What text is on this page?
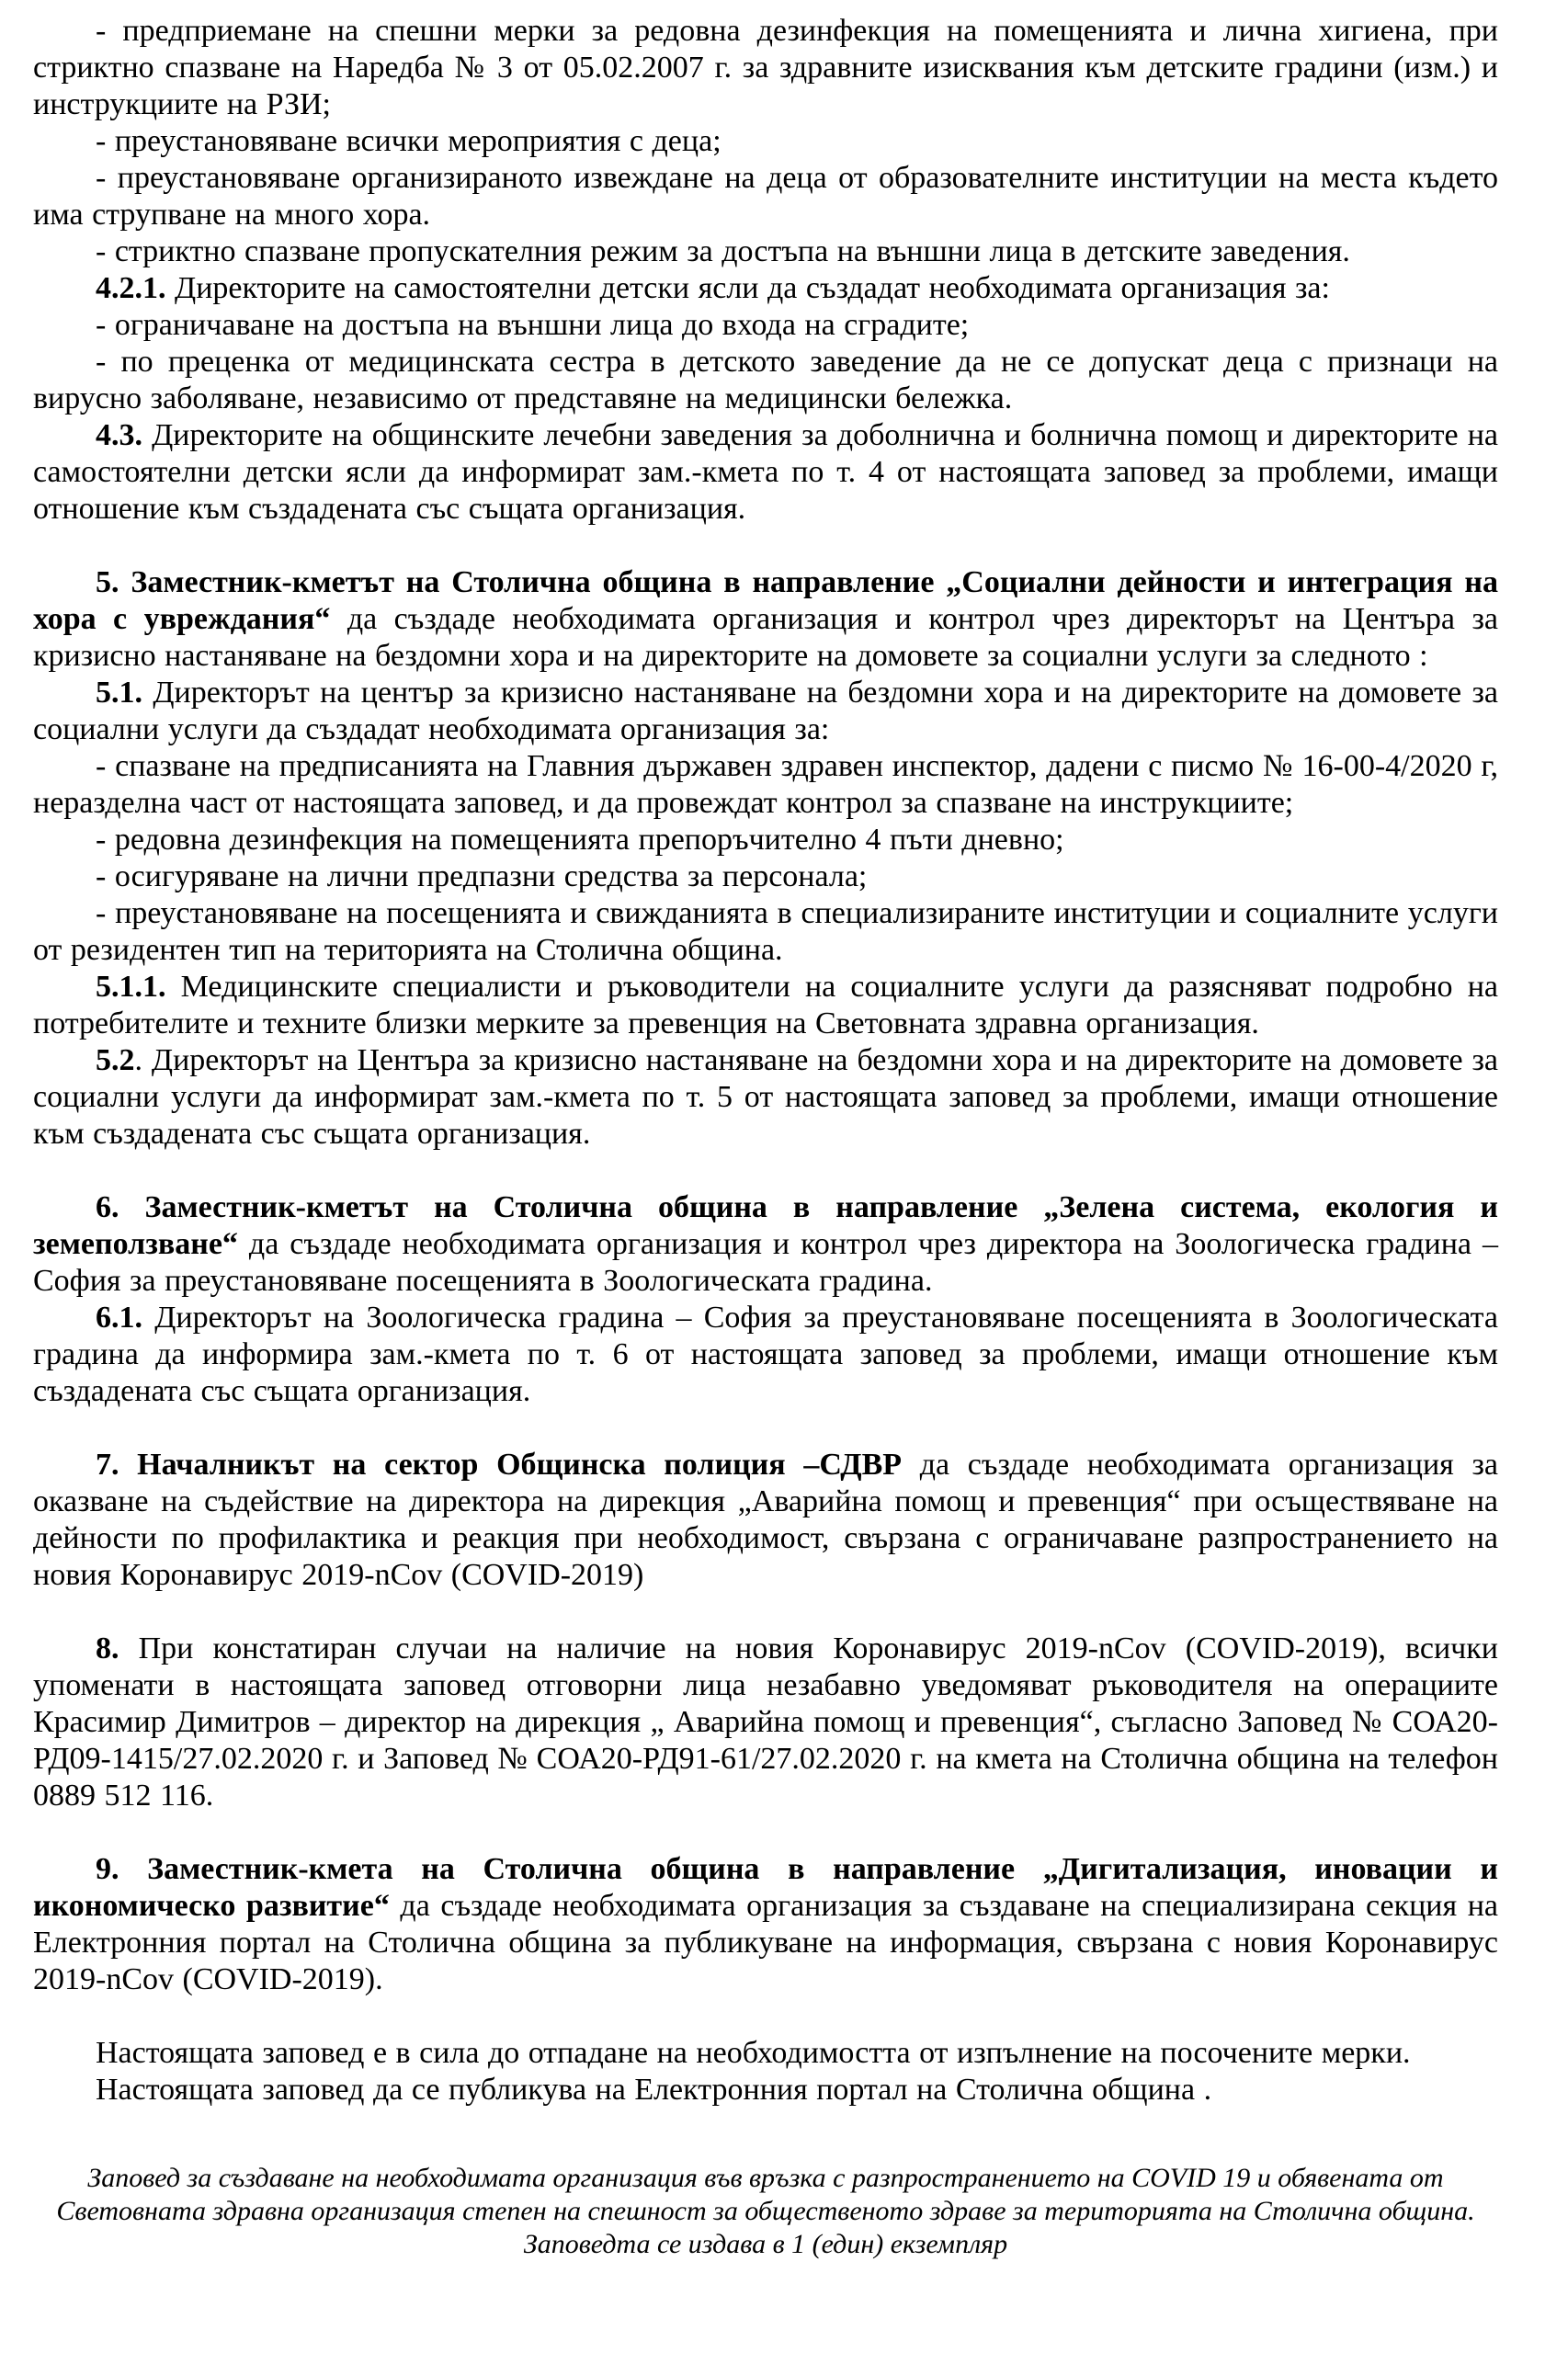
- предприемане на спешни мерки за редовна дезинфекция на помещенията и лична хигиена, при стриктно спазване на Наредба № 3 от 05.02.2007 г. за здравните изисквания към детските градини (изм.) и инструкциите на РЗИ;

- преустановяване всички мероприятия с деца;

- преустановяване организираното извеждане на деца от образователните институции на места където има струпване на много хора.

- стриктно спазване пропускателния режим за достъпа на външни лица в детските заведения.

4.2.1. Директорите на самостоятелни детски ясли да създадат необходимата организация за:

- ограничаване на достъпа на външни лица до входа на сградите;

- по преценка от медицинската сестра в детското заведение да не се допускат деца с признаци на вирусно заболяване, независимо от представяне на медицински бележка.

4.3. Директорите на общинските лечебни заведения за доболнична и болнична помощ и директорите на самостоятелни детски ясли да информират зам.-кмета по т. 4 от настоящата заповед за проблеми, имащи отношение към създадената със същата организация.

5. Заместник-кметът на Столична община в направление „Социални дейности и интеграция на хора с увреждания“ да създаде необходимата организация и контрол чрез директорът на Центъра за кризисно настаняване на бездомни хора и на директорите на домовете за социални услуги за следното :

5.1. Директорът на център за кризисно настаняване на бездомни хора и на директорите на домовете за социални услуги да създадат необходимата организация за:

- спазване на предписанията на Главния държавен здравен инспектор, дадени с писмо № 16-00-4/2020 г, неразделна част от настоящата заповед, и да провеждат контрол за спазване на инструкциите;

- редовна дезинфекция на помещенията препоръчително 4 пъти дневно;

- осигуряване на лични предпазни средства за персонала;

- преустановяване на посещенията и свижданията в специализираните институции и социалните услуги от резидентен тип на територията на Столична община.

5.1.1. Медицинските специалисти и ръководители на социалните услуги да разясняват подробно на потребителите и техните близки мерките за превенция на Световната здравна организация.

5.2. Директорът на Центъра за кризисно настаняване на бездомни хора и на директорите на домовете за социални услуги да информират зам.-кмета по т. 5 от настоящата заповед за проблеми, имащи отношение към създадената със същата организация.

6. Заместник-кметът на Столична община в направление „Зелена система, екология и земеползване“ да създаде необходимата организация и контрол чрез директора на Зоологическа градина – София за преустановяване посещенията в Зоологическата градина.

6.1. Директорът на Зоологическа градина – София за преустановяване посещенията в Зоологическата градина да информира зам.-кмета по т. 6 от настоящата заповед за проблеми, имащи отношение към създадената със същата организация.

7. Началникът на сектор Общинска полиция –СДВР да създаде необходимата организация за оказване на съдействие на директора на дирекция „Аварийна помощ и превенция“ при осъществяване на дейности по профилактика и реакция при необходимост, свързана с ограничаване разпространението на новия Коронавирус 2019-nCov (COVID-2019)

8. При констатиран случаи на наличие на новия Коронавирус 2019-nCov (COVID-2019), всички упоменати в настоящата заповед отговорни лица незабавно уведомяват ръководителя на операциите Красимир Димитров – директор на дирекция „ Аварийна помощ и превенция“, съгласно Заповед № СОА20-РД09-1415/27.02.2020 г. и Заповед № СОА20-РД91-61/27.02.2020 г. на кмета на Столична община на телефон 0889 512 116.

9. Заместник-кмета на Столична община в направление „Дигитализация, иновации и икономическо развитие“ да създаде необходимата организация за създаване на специализирана секция на Електронния портал на Столична община за публикуване на информация, свързана с новия Коронавирус 2019-nCov (COVID-2019).

Настоящата заповед е в сила до отпадане на необходимостта от изпълнение на посочените мерки.

Настоящата заповед да се публикува на Електронния портал на Столична община .

Заповед за създаване на необходимата организация във връзка с разпространението на COVID 19 и обявената от Световната здравна организация степен на спешност за общественото здраве за територията на Столична община.

Заповедта се издава в 1 (един) екземпляр
